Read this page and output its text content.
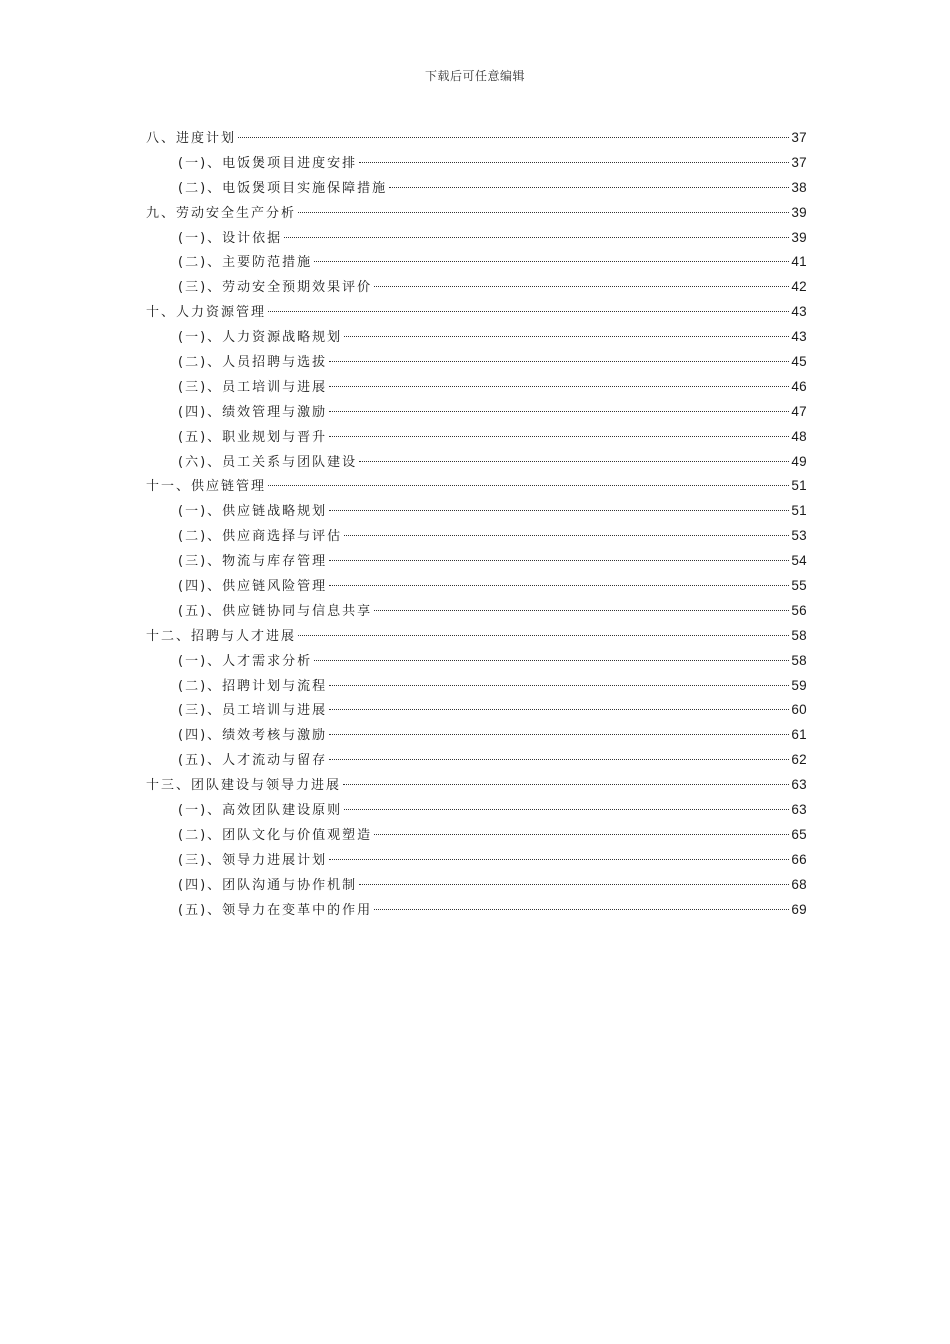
下载后可任意编辑
八、进度计划	37
(一)、电饭煲项目进度安排	37
(二)、电饭煲项目实施保障措施	38
九、劳动安全生产分析	39
(一)、设计依据	39
(二)、主要防范措施	41
(三)、劳动安全预期效果评价	42
十、人力资源管理	43
(一)、人力资源战略规划	43
(二)、人员招聘与选拔	45
(三)、员工培训与进展	46
(四)、绩效管理与激励	47
(五)、职业规划与晋升	48
(六)、员工关系与团队建设	49
十一、供应链管理	51
(一)、供应链战略规划	51
(二)、供应商选择与评估	53
(三)、物流与库存管理	54
(四)、供应链风险管理	55
(五)、供应链协同与信息共享	56
十二、招聘与人才进展	58
(一)、人才需求分析	58
(二)、招聘计划与流程	59
(三)、员工培训与进展	60
(四)、绩效考核与激励	61
(五)、人才流动与留存	62
十三、团队建设与领导力进展	63
(一)、高效团队建设原则	63
(二)、团队文化与价值观塑造	65
(三)、领导力进展计划	66
(四)、团队沟通与协作机制	68
(五)、领导力在变革中的作用	69
